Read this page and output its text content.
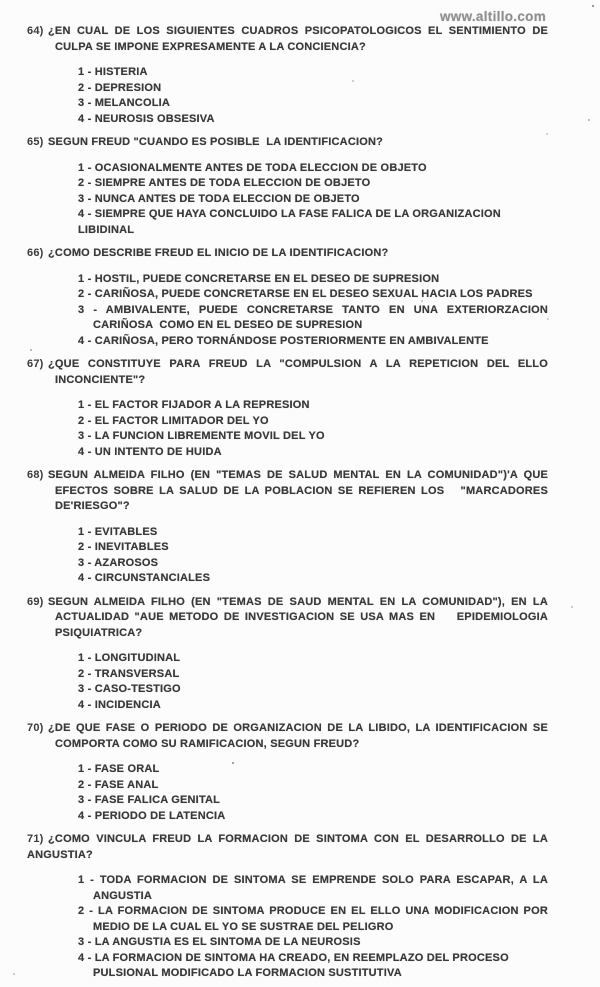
www.altillo.com
64) ¿EN CUAL DE LOS SIGUIENTES CUADROS PSICOPATOLOGICOS EL SENTIMIENTO DE
CULPA SE IMPONE EXPRESAMENTE A LA CONCIENCIA?
1 - HISTERIA
2 - DEPRESION
3 - MELANCOLIA
4 - NEUROSIS OBSESIVA
65) SEGUN FREUD "CUANDO ES POSIBLE  LA IDENTIFICACION?
1 - OCASIONALMENTE ANTES DE TODA ELECCION DE OBJETO
2 - SIEMPRE ANTES DE TODA ELECCION DE OBJETO
3 - NUNCA ANTES DE TODA ELECCION DE OBJETO
4 - SIEMPRE QUE HAYA CONCLUIDO LA FASE FALICA DE LA ORGANIZACION LIBIDINAL
66) ¿COMO DESCRIBE FREUD EL INICIO DE LA IDENTIFICACION?
1 - HOSTIL, PUEDE CONCRETARSE EN EL DESEO DE SUPRESION
2 - CARIÑOSA, PUEDE CONCRETARSE EN EL DESEO SEXUAL HACIA LOS PADRES
3 - AMBIVALENTE, PUEDE CONCRETARSE TANTO EN UNA EXTERIORZACION
CARIÑOSA  COMO EN EL DESEO DE SUPRESION
4 - CARIÑOSA, PERO TORNÁNDOSE POSTERIORMENTE EN AMBIVALENTE
67) ¿QUE CONSTITUYE PARA FREUD LA "COMPULSION A LA REPETICION DEL ELLO
INCONCIENTE"?
1 - EL FACTOR FIJADOR A LA REPRESION
2 - EL FACTOR LIMITADOR DEL YO
3 - LA FUNCION LIBREMENTE MOVIL DEL YO
4 - UN INTENTO DE HUIDA
68) SEGUN ALMEIDA FILHO (EN "TEMAS DE SALUD MENTAL EN LA COMUNIDAD")'A QUE
EFECTOS SOBRE LA SALUD DE LA POBLACION SE REFIEREN LOS   "MARCADORES
DE'RIESGO"?
1 - EVITABLES
2 - INEVITABLES
3 - AZAROSOS
4 - CIRCUNSTANCIALES
69) SEGUN ALMEIDA FILHO (EN "TEMAS DE SAUD MENTAL EN LA COMUNIDAD"), EN LA
ACTUALIDAD "AUE METODO DE INVESTIGACION SE USA MAS EN    EPIDEMIOLOGIA
PSIQUIATRICA?
1 - LONGITUDINAL
2 - TRANSVERSAL
3 - CASO-TESTIGO
4 - INCIDENCIA
70) ¿DE QUE FASE O PERIODO DE ORGANIZACION DE LA LIBIDO, LA IDENTIFICACION SE
COMPORTA COMO SU RAMIFICACION, SEGUN FREUD?
1 - FASE ORAL
2 - FASE ANAL
3 - FASE FALICA GENITAL
4 - PERIODO DE LATENCIA
71) ¿COMO VINCULA FREUD LA FORMACION DE SINTOMA CON EL DESARROLLO DE LA
ANGUSTIA?
1 - TODA FORMACION DE SINTOMA SE EMPRENDE SOLO PARA ESCAPAR, A LA
ANGUSTIA
2 - LA FORMACION DE SINTOMA PRODUCE EN EL ELLO UNA MODIFICACION POR
MEDIO DE LA CUAL EL YO SE SUSTRAE DEL PELIGRO
3 - LA ANGUSTIA ES EL SINTOMA DE LA NEUROSIS
4 - LA FORMACION DE SINTOMA HA CREADO, EN REEMPLAZO DEL PROCESO
PULSIONAL MODIFICADO LA FORMACION SUSTITUTIVA
